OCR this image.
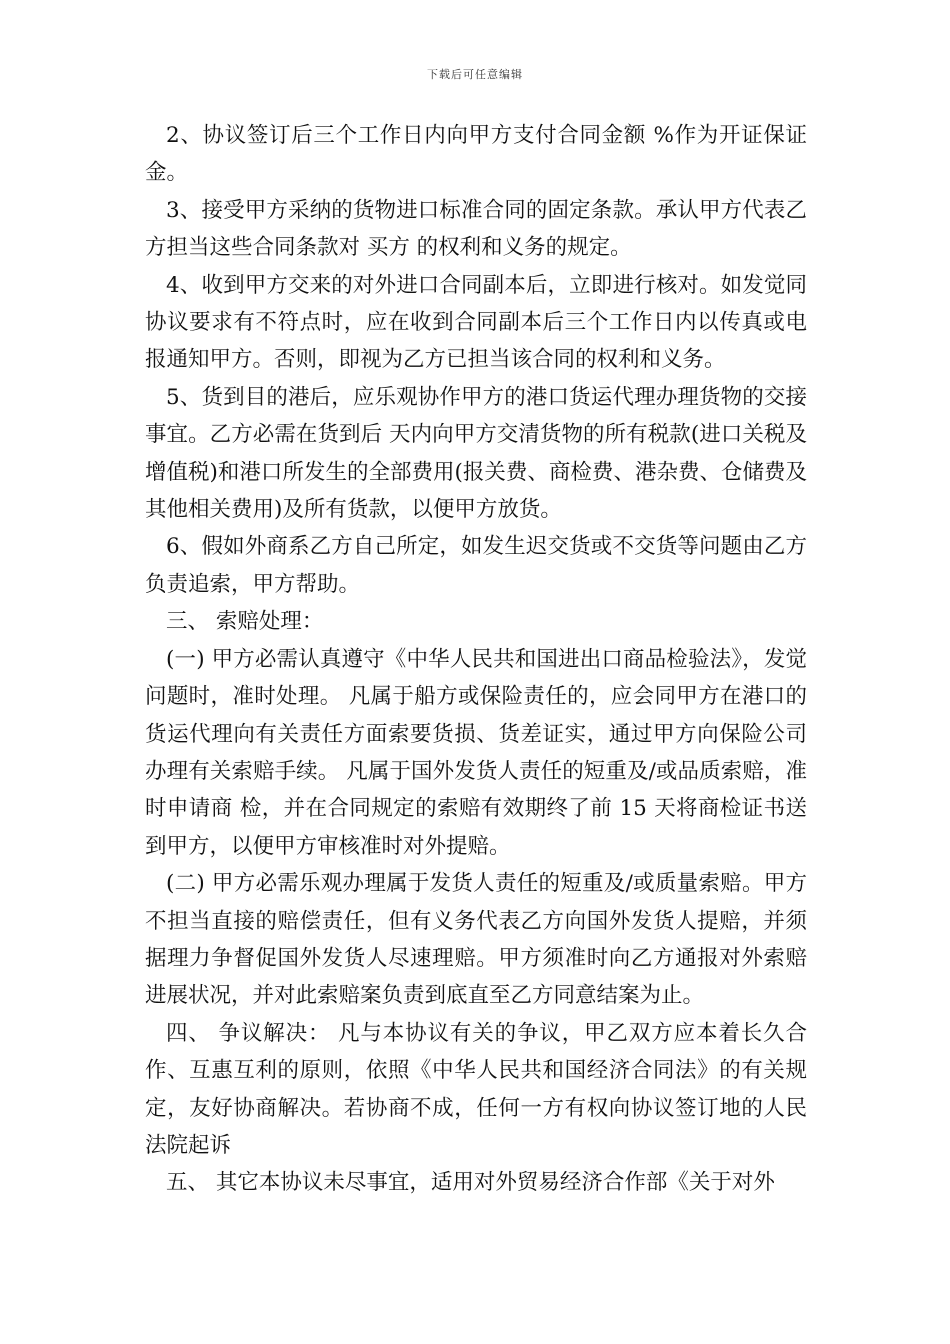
下载后可任意编辑

2、协议签订后三个工作日内向甲方支付合同金额 %作为开证保证金。

3、接受甲方采纳的货物进口标准合同的固定条款。承认甲方代表乙方担当这些合同条款对 买方 的权利和义务的规定。

4、收到甲方交来的对外进口合同副本后，立即进行核对。如发觉同协议要求有不符点时，应在收到合同副本后三个工作日内以传真或电报通知甲方。否则，即视为乙方已担当该合同的权利和义务。

5、货到目的港后，应乐观协作甲方的港口货运代理办理货物的交接事宜。乙方必需在货到后 天内向甲方交清货物的所有税款(进口关税及增值税)和港口所发生的全部费用(报关费、商检费、港杂费、仓储费及其他相关费用)及所有货款，以便甲方放货。

6、假如外商系乙方自己所定，如发生迟交货或不交货等问题由乙方负责追索，甲方帮助。

三、 索赔处理：

(一) 甲方必需认真遵守《中华人民共和国进出口商品检验法》，发觉问题时，准时处理。 凡属于船方或保险责任的，应会同甲方在港口的货运代理向有关责任方面索要货损、货差证实，通过甲方向保险公司办理有关索赔手续。 凡属于国外发货人责任的短重及/或品质索赔，准时申请商 检，并在合同规定的索赔有效期终了前 15 天将商检证书送到甲方，以便甲方审核准时对外提赔。

(二) 甲方必需乐观办理属于发货人责任的短重及/或质量索赔。甲方不担当直接的赔偿责任，但有义务代表乙方向国外发货人提赔，并须据理力争督促国外发货人尽速理赔。甲方须准时向乙方通报对外索赔进展状况，并对此索赔案负责到底直至乙方同意结案为止。

四、 争议解决： 凡与本协议有关的争议，甲乙双方应本着长久合作、互惠互利的原则，依照《中华人民共和国经济合同法》的有关规定，友好协商解决。若协商不成，任何一方有权向协议签订地的人民法院起诉

五、 其它本协议未尽事宜，适用对外贸易经济合作部《关于对外
